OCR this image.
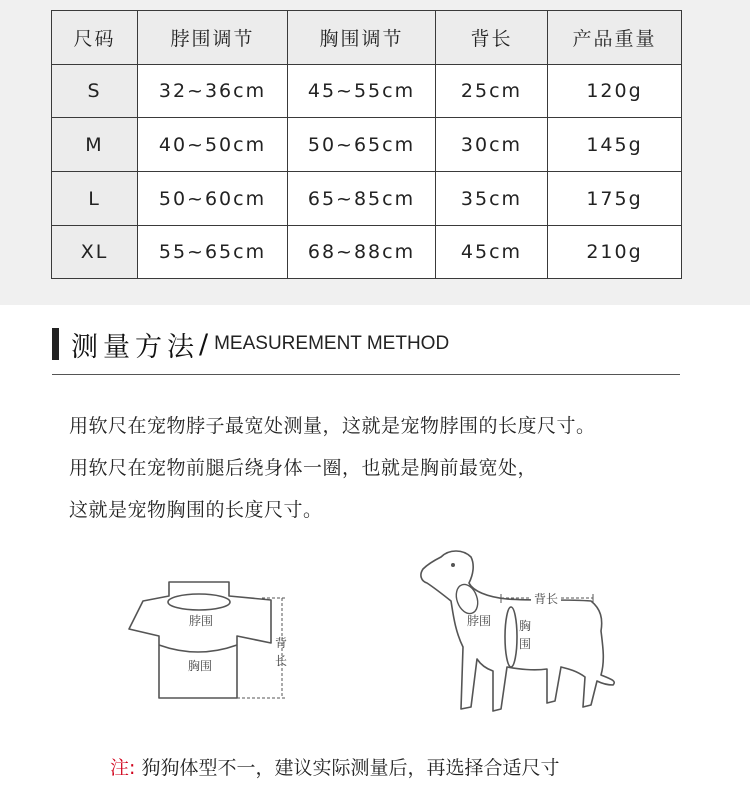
尺码	脖围调节	胸围调节	背长	产品重量
S	32~36cm	45~55cm	25cm	120g
M	40~50cm	50~65cm	30cm	145g
L	50~60cm	65~85cm	35cm	175g
XL	55~65cm	68~88cm	45cm	210g
测量方法 / MEASUREMENT METHOD
用软尺在宠物脖子最宽处测量，这就是宠物脖围的长度尺寸。
用软尺在宠物前腿后绕身体一圈，也就是胸前最宽处，
这就是宠物胸围的长度尺寸。
脖围
胸围
背
长
背长
脖围 胸
围
注: 狗狗体型不一，建议实际测量后，再选择合适尺寸
